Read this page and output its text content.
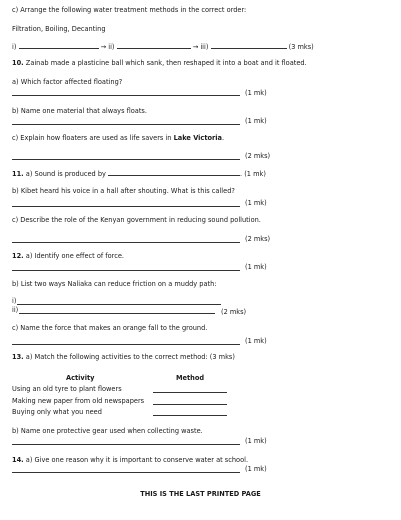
c) Arrange the following water treatment methods in the correct order:
Filtration, Boiling, Decanting
i)	→ ii)	→ iii)	(3 mks)
10. Zainab made a plasticine ball which sank, then reshaped it into a boat and it floated.
a) Which factor affected floating?
(1 mk)
b) Name one material that always floats.
(1 mk)
c) Explain how floaters are used as life savers in Lake Victoria.
(2 mks)
11. a) Sound is produced by	. (1 mk)
b) Kibet heard his voice in a hall after shouting. What is this called?
(1 mk)
c) Describe the role of the Kenyan government in reducing sound pollution.
(2 mks)
12. a) Identify one effect of force.
(1 mk)
b) List two ways Naliaka can reduce friction on a muddy path:
i)
ii)	(2 mks)
c) Name the force that makes an orange fall to the ground.
(1 mk)
13. a) Match the following activities to the correct method: (3 mks)
Activity	Method
Using an old tyre to plant flowers
Making new paper from old newspapers
Buying only what you need
b) Name one protective gear used when collecting waste.
(1 mk)
14. a) Give one reason why it is important to conserve water at school.
(1 mk)
THIS IS THE LAST PRINTED PAGE
